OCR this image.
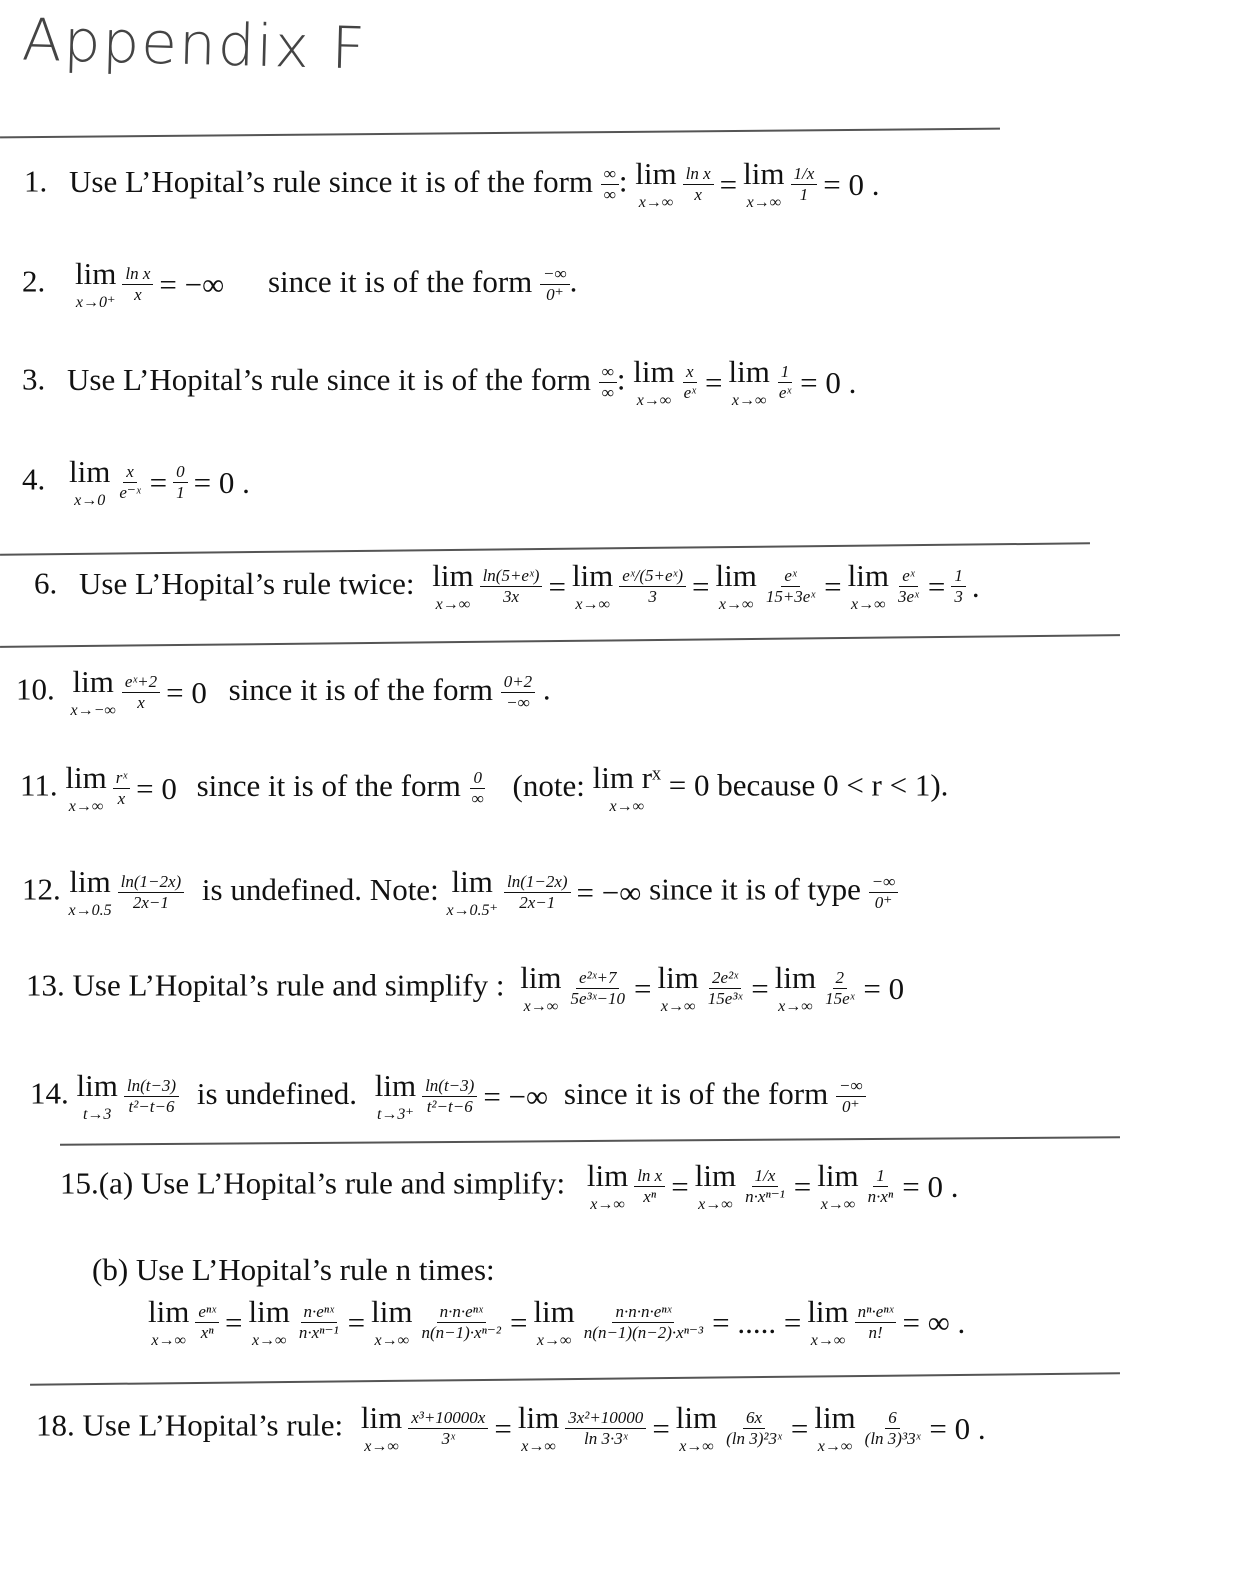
Appendix F
1. Use L’Hopital’s rule since it is of the form $\frac{\infty}{\infty}$ : lim
$x\to\infty \frac{\text{ln x}}{x} = \lim$
$x\to\infty \frac{1/x}{1} = 0$ .
2. lim
$x\to 0^+ \frac{\text{ln x}}{x}$ = −∞ since it is of the form $\frac{-\infty}{0^+}$ .
3. Use L’Hopital’s rule since it is of the form $\frac{\infty}{\infty}$ : lim
$x\to\infty \frac{x}{\text{eˣ}} = \lim$
$x\to\infty \frac{1}{\text{eˣ}} = 0$ .
4. lim
$x\to 0 \frac{x}{\text{e⁻ˣ}} = \frac{0}{1} = 0$ .
6. Use L’Hopital’s rule twice: lim
$x\to\infty \frac{\text{ln(5+eˣ)}}{3x} = \lim$
$x\to\infty \frac{\text{eˣ/(5+eˣ)}}{3} = \lim$
$x\to\infty \frac{\text{eˣ}}{\text{15+3eˣ}} = \lim$
$x\to\infty \frac{\text{eˣ}}{\text{3eˣ}} = \frac{1}{3}$ .
10. lim
$x\to-\infty \frac{\text{eˣ+2}}{x} = 0$ since it is of the form $\frac{0+2}{-\infty}$ .
11. lim
$x\to\infty \frac{\text{rˣ}}{x} = 0$ since it is of the form $\frac{0}{\infty}$ (note: lim rˣ
x→∞
= 0 because 0 < r < 1).
12. lim
$x\to 0.5 \frac{\ln(1-2x)}{2x-1}$ is undefined. Note: lim
$x\to 0.5^+ \frac{\ln(1-2x)}{2x-1}$ = −∞ since it is of type $\frac{-\infty}{0^+}$
13. Use L’Hopital’s rule and simplify : lim
$x\to\infty \frac{\text{e²ˣ+7}}{\text{5e³ˣ−10}} = \lim$
$x\to\infty \frac{\text{2e²ˣ}}{\text{15e³ˣ}} = \lim$
$x\to\infty \frac{2}{\text{15eˣ}} = 0$
14. lim
$t\to 3 \frac{\ln(t-3)}{\text{t²−t−6}}$ is undefined. lim
$t\to 3^+ \frac{\ln(t-3)}{\text{t²−t−6}}$ = −∞ since it is of the form $\frac{-\infty}{0^+}$
15.(a) Use L’Hopital’s rule and simplify: lim
$x\to\infty \frac{\text{ln x}}{\text{xⁿ}} = \lim$
$x\to\infty \frac{1/x}{\text{n·xⁿ⁻¹}} = \lim$
$x\to\infty \frac{1}{\text{n·xⁿ}} = 0$ .
(b) Use L’Hopital’s rule n times:
lim
$x\to\infty \frac{\text{eⁿˣ}}{\text{xⁿ}} = \lim$
$x\to\infty \frac{\text{n·eⁿˣ}}{\text{n·xⁿ⁻¹}} = \lim$
$x\to\infty \frac{\text{n·n·eⁿˣ}}{\text{n(n−1)·xⁿ⁻²}} = \lim$
$x\to\infty \frac{\text{n·n·n·eⁿˣ}}{\text{n(n−1)(n−2)·xⁿ⁻³}}$ = ..... = lim
$x\to\infty \frac{\text{nⁿ·eⁿˣ}}{n!}$ = ∞ .
18. Use L’Hopital’s rule: lim
$x\to\infty \frac{\text{x³+10000x}}{\text{3ˣ}} = \lim$
$x\to\infty \frac{\text{3x²+10000}}{\text{ln 3·3ˣ}} = \lim$
$x\to\infty \frac{6x}{\text{(ln 3)²3ˣ}} = \lim$
$x\to\infty \frac{6}{\text{(ln 3)³3ˣ}} = 0$ .
